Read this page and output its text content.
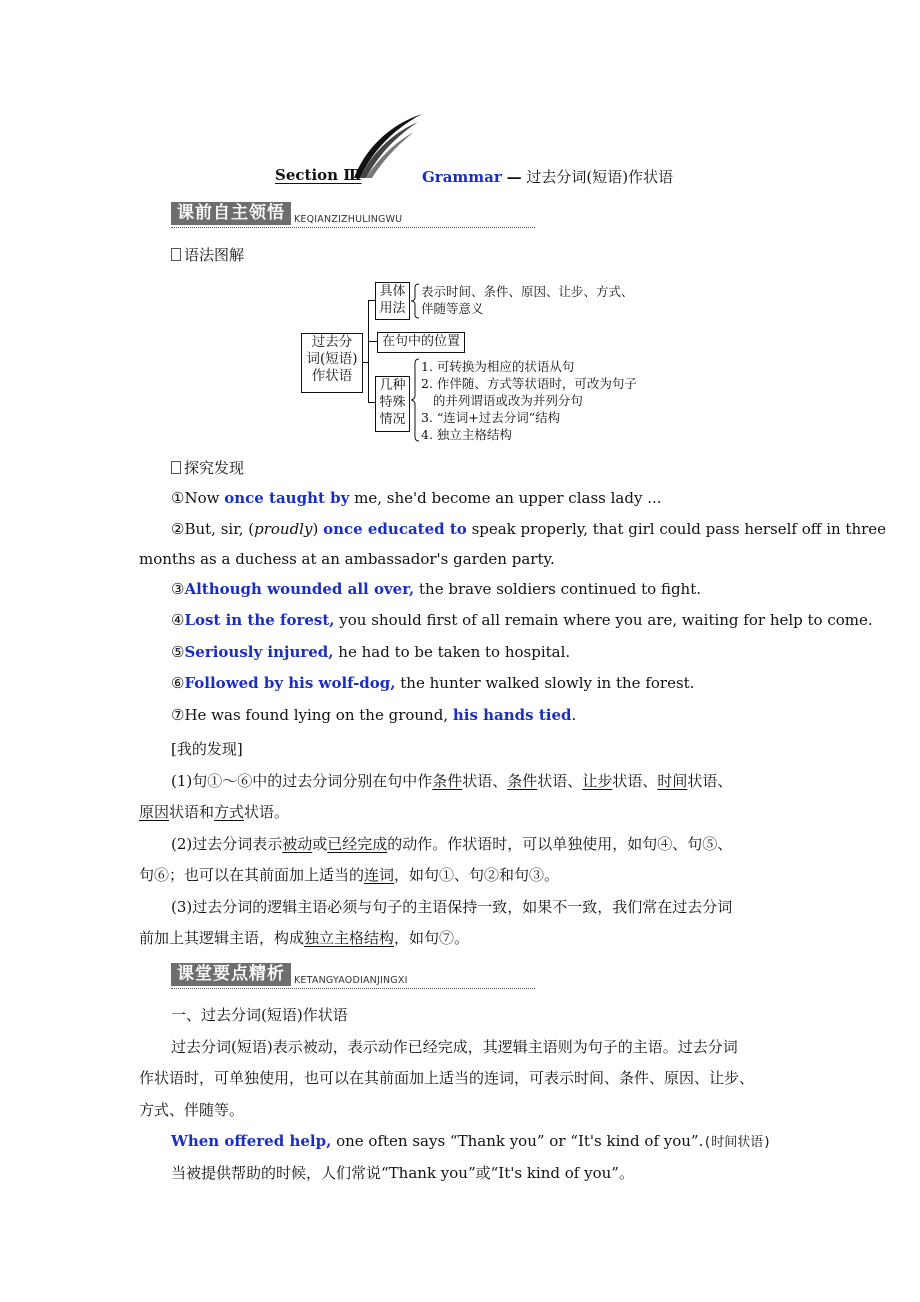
Section Ⅲ	Grammar — 过去分词(短语)作状语
课前自主领悟 KEQIANZIZHULINGWU
语法图解
过去分
词(短语)
作状语
具体
用法
表示时间、条件、原因、让步、方式、
伴随等意义
在句中的位置
几种
特殊
情况
1. 可转换为相应的状语从句
2. 作伴随、方式等状语时，可改为句子
的并列谓语或改为并列分句
3. “连词+过去分词”结构
4. 独立主格结构
探究发现
①Now once taught by me, she'd become an upper class lady ...
②But, sir, (proudly) once educated to speak properly, that girl could pass herself off in three
months as a duchess at an ambassador's garden party.
③Although wounded all over, the brave soldiers continued to fight.
④Lost in the forest, you should first of all remain where you are, waiting for help to come.
⑤Seriously injured, he had to be taken to hospital.
⑥Followed by his wolf-dog, the hunter walked slowly in the forest.
⑦He was found lying on the ground, his hands tied.
[我的发现]
(1)句①～⑥中的过去分词分别在句中作条件状语、条件状语、让步状语、时间状语、
原因状语和方式状语。
(2)过去分词表示被动或已经完成的动作。作状语时，可以单独使用，如句④、句⑤、
句⑥；也可以在其前面加上适当的连词，如句①、句②和句③。
(3)过去分词的逻辑主语必须与句子的主语保持一致，如果不一致，我们常在过去分词
前加上其逻辑主语，构成独立主格结构，如句⑦。
课堂要点精析 KETANGYAODIANJINGXI
一、过去分词(短语)作状语
过去分词(短语)表示被动，表示动作已经完成，其逻辑主语则为句子的主语。过去分词
作状语时，可单独使用，也可以在其前面加上适当的连词，可表示时间、条件、原因、让步、
方式、伴随等。
When offered help, one often says “Thank you” or “It's kind of you”.(时间状语)
当被提供帮助的时候，人们常说“Thank you”或“It's kind of you”。
